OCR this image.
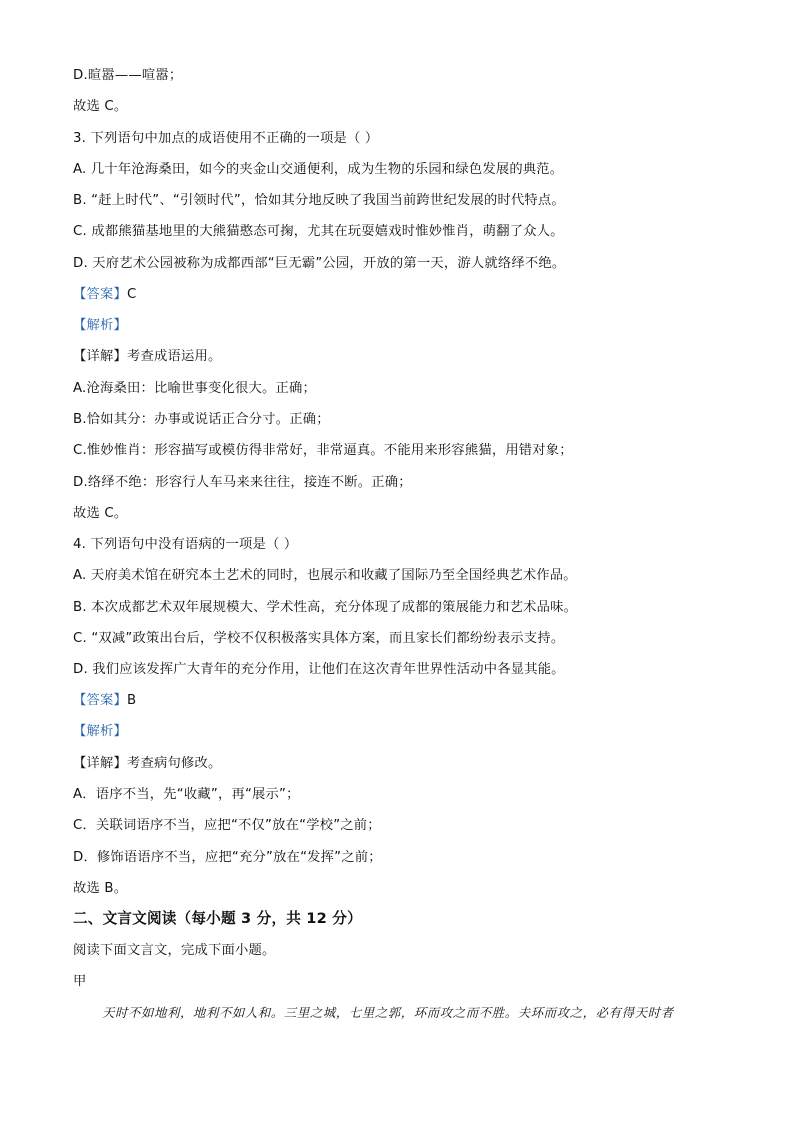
D.暄嚣——喧嚣；
故选 C。
3. 下列语句中加点的成语使用不正确的一项是（ ）
A. 几十年沧海桑田，如今的夹金山交通便利，成为生物的乐园和绿色发展的典范。
B. “赶上时代”、“引领时代”，恰如其分地反映了我国当前跨世纪发展的时代特点。
C. 成都熊猫基地里的大熊猫憨态可掬，尤其在玩耍嬉戏时惟妙惟肖，萌翻了众人。
D. 天府艺术公园被称为成都西部“巨无霸”公园，开放的第一天，游人就络绎不绝。
【答案】C
【解析】
【详解】考查成语运用。
A.沧海桑田：比喻世事变化很大。正确；
B.恰如其分：办事或说话正合分寸。正确；
C.惟妙惟肖：形容描写或模仿得非常好，非常逼真。不能用来形容熊猫，用错对象；
D.络绎不绝：形容行人车马来来往往，接连不断。正确；
故选 C。
4. 下列语句中没有语病的一项是（ ）
A. 天府美术馆在研究本土艺术的同时，也展示和收藏了国际乃至全国经典艺术作品。
B. 本次成都艺术双年展规模大、学术性高，充分体现了成都的策展能力和艺术品味。
C. “双减”政策出台后，学校不仅积极落实具体方案，而且家长们都纷纷表示支持。
D. 我们应该发挥广大青年的充分作用，让他们在这次青年世界性活动中各显其能。
【答案】B
【解析】
【详解】考查病句修改。
A．语序不当，先“收藏”，再“展示”；
C．关联词语序不当，应把“不仅”放在“学校”之前；
D．修饰语语序不当，应把“充分”放在“发挥”之前；
故选 B。
二、文言文阅读（每小题 3 分，共 12 分）
阅读下面文言文，完成下面小题。
甲
天时不如地利，地利不如人和。三里之城，七里之郭，环而攻之而不胜。夫环而攻之，必有得天时者
